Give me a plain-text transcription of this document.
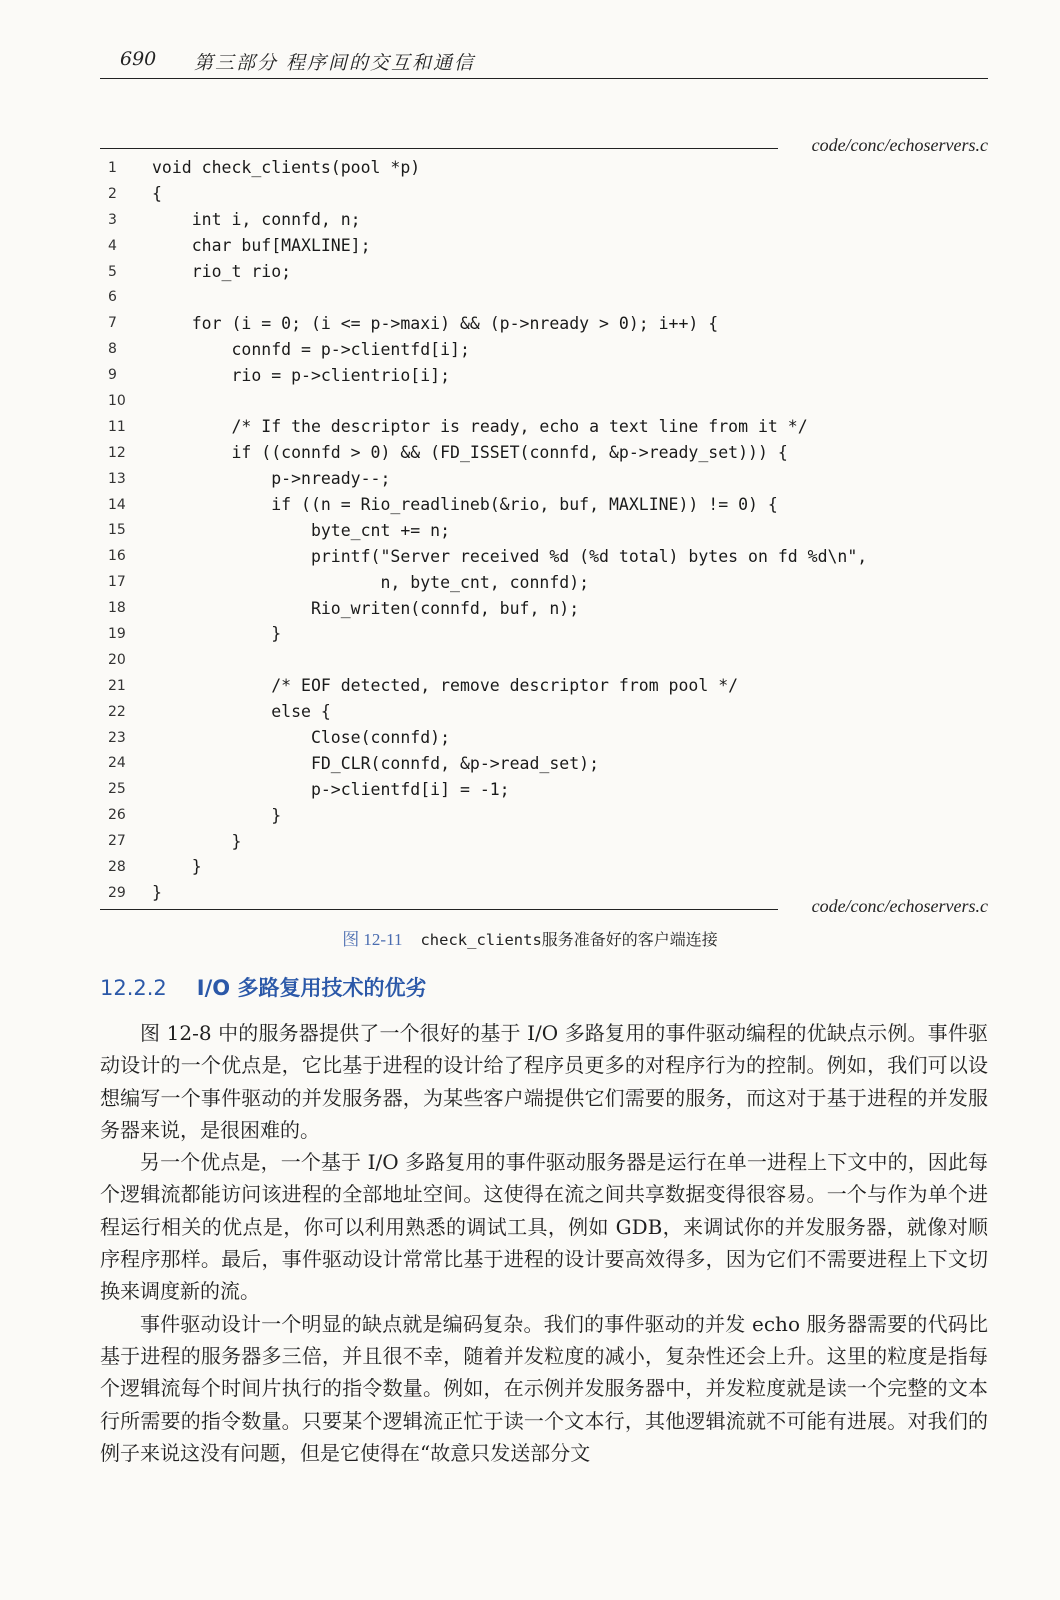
690 第三部分 程序间的交互和通信
code/conc/echoservers.c
1	void check_clients(pool *p)
2	{
3	int i, connfd, n;
4	char buf[MAXLINE];
5	rio_t rio;
6
7	for (i = 0; (i <= p->maxi) && (p->nready > 0); i++) {
8	connfd = p->clientfd[i];
9	rio = p->clientrio[i];
10
11	/* If the descriptor is ready, echo a text line from it */
12	if ((connfd > 0) && (FD_ISSET(connfd, &p->ready_set))) {
13	p->nready--;
14	if ((n = Rio_readlineb(&rio, buf, MAXLINE)) != 0) {
15	byte_cnt += n;
16	printf("Server received %d (%d total) bytes on fd %d\n",
17	n, byte_cnt, connfd);
18	Rio_writen(connfd, buf, n);
19	}
20
21	/* EOF detected, remove descriptor from pool */
22	else {
23	Close(connfd);
24	FD_CLR(connfd, &p->read_set);
25	p->clientfd[i] = -1;
26	}
27	}
28	}
29	}
code/conc/echoservers.c
图 12-11 check_clients服务准备好的客户端连接
12.2.2 I/O 多路复用技术的优劣

图 12-8 中的服务器提供了一个很好的基于 I/O 多路复用的事件驱动编程的优缺点示例。事件驱动设计的一个优点是，它比基于进程的设计给了程序员更多的对程序行为的控制。例如，我们可以设想编写一个事件驱动的并发服务器，为某些客户端提供它们需要的服务，而这对于基于进程的并发服务器来说，是很困难的。

另一个优点是，一个基于 I/O 多路复用的事件驱动服务器是运行在单一进程上下文中的，因此每个逻辑流都能访问该进程的全部地址空间。这使得在流之间共享数据变得很容易。一个与作为单个进程运行相关的优点是，你可以利用熟悉的调试工具，例如 GDB，来调试你的并发服务器，就像对顺序程序那样。最后，事件驱动设计常常比基于进程的设计要高效得多，因为它们不需要进程上下文切换来调度新的流。

事件驱动设计一个明显的缺点就是编码复杂。我们的事件驱动的并发 echo 服务器需要的代码比基于进程的服务器多三倍，并且很不幸，随着并发粒度的减小，复杂性还会上升。这里的粒度是指每个逻辑流每个时间片执行的指令数量。例如，在示例并发服务器中，并发粒度就是读一个完整的文本行所需要的指令数量。只要某个逻辑流正忙于读一个文本行，其他逻辑流就不可能有进展。对我们的例子来说这没有问题，但是它使得在“故意只发送部分文
